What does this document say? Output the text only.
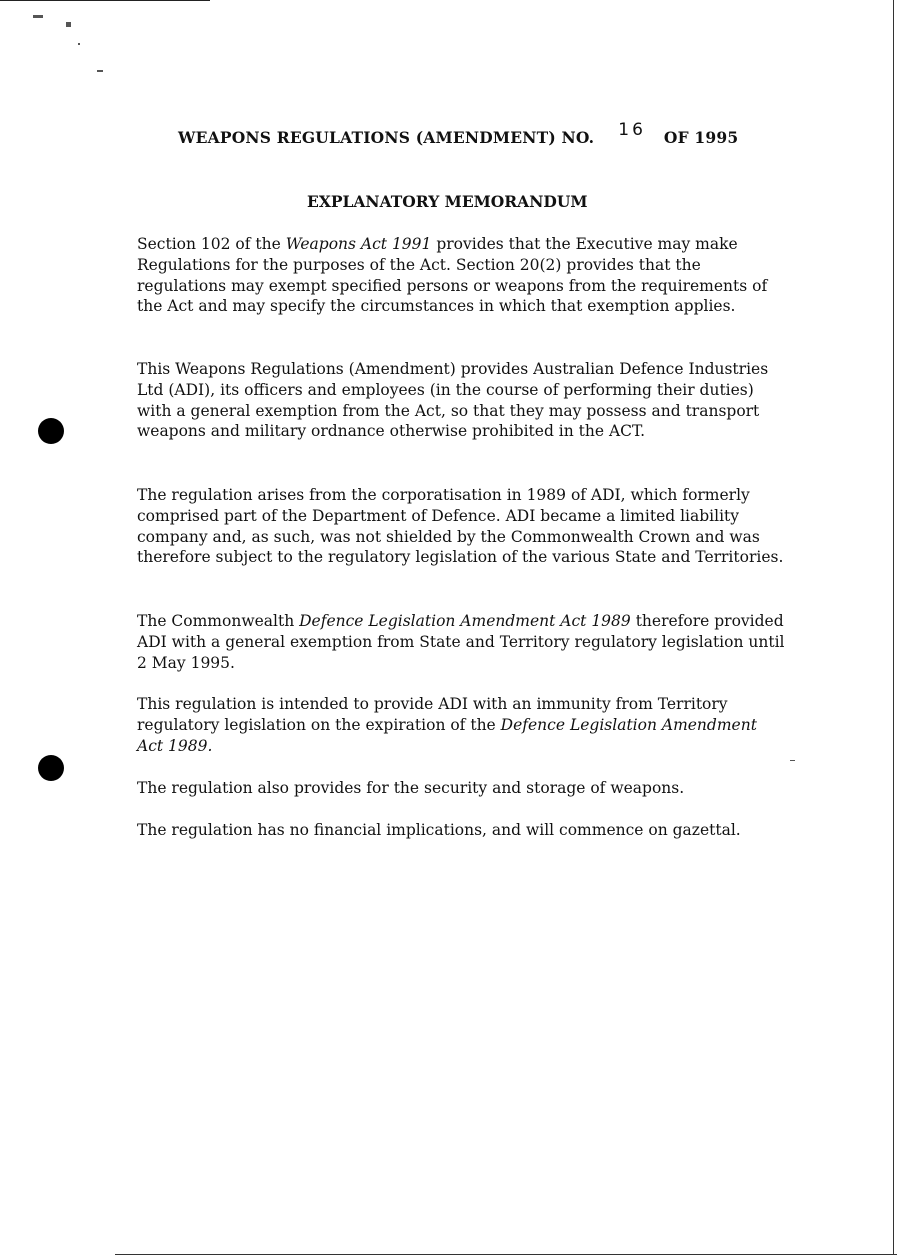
WEAPONS REGULATIONS (AMENDMENT) NO. 16 OF 1995
EXPLANATORY MEMORANDUM
Section 102 of the Weapons Act 1991 provides that the Executive may make Regulations for the purposes of the Act. Section 20(2) provides that the regulations may exempt specified persons or weapons from the requirements of the Act and may specify the circumstances in which that exemption applies.
This Weapons Regulations (Amendment) provides Australian Defence Industries Ltd (ADI), its officers and employees (in the course of performing their duties) with a general exemption from the Act, so that they may possess and transport weapons and military ordnance otherwise prohibited in the ACT.
The regulation arises from the corporatisation in 1989 of ADI, which formerly comprised part of the Department of Defence. ADI became a limited liability company and, as such, was not shielded by the Commonwealth Crown and was therefore subject to the regulatory legislation of the various State and Territories.
The Commonwealth Defence Legislation Amendment Act 1989 therefore provided ADI with a general exemption from State and Territory regulatory legislation until 2 May 1995.
This regulation is intended to provide ADI with an immunity from Territory regulatory legislation on the expiration of the Defence Legislation Amendment Act 1989.
The regulation also provides for the security and storage of weapons.
The regulation has no financial implications, and will commence on gazettal.
